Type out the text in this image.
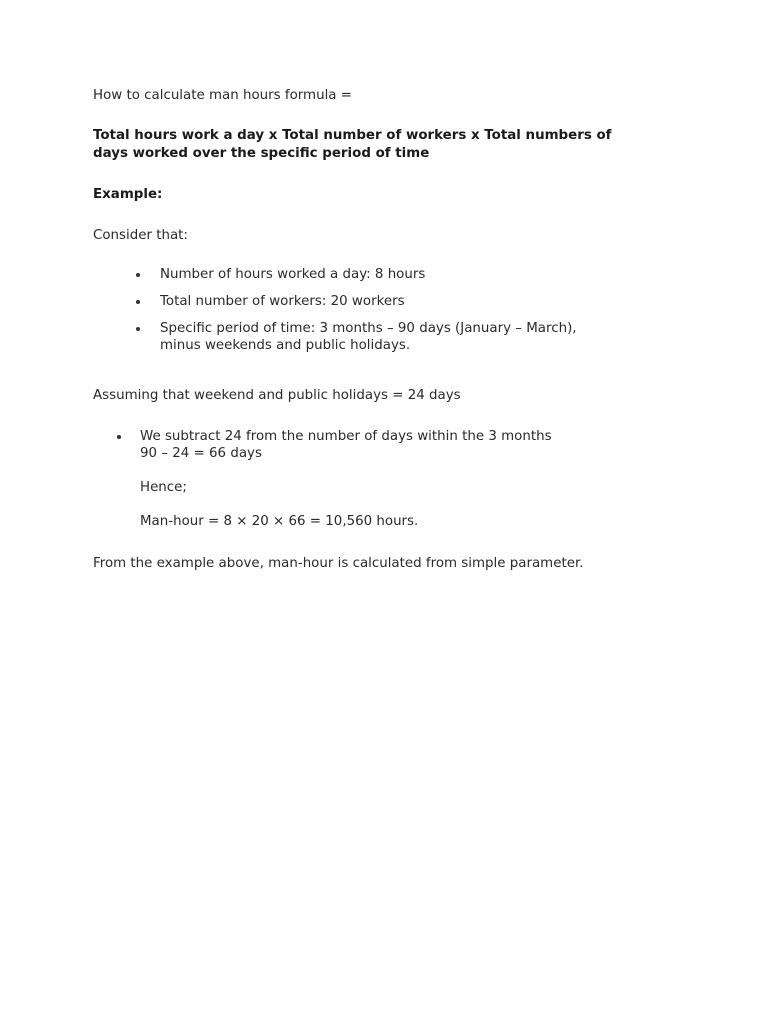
How to calculate man hours formula =
Total hours work a day x Total number of workers x Total numbers of
days worked over the specific period of time
Example:
Consider that:
Number of hours worked a day: 8 hours
Total number of workers: 20 workers
Specific period of time: 3 months – 90 days (January – March),
minus weekends and public holidays.
Assuming that weekend and public holidays = 24 days
We subtract 24 from the number of days within the 3 months
90 – 24 = 66 days
Hence;
Man-hour = 8 × 20 × 66 = 10,560 hours.
From the example above, man-hour is calculated from simple parameter.
